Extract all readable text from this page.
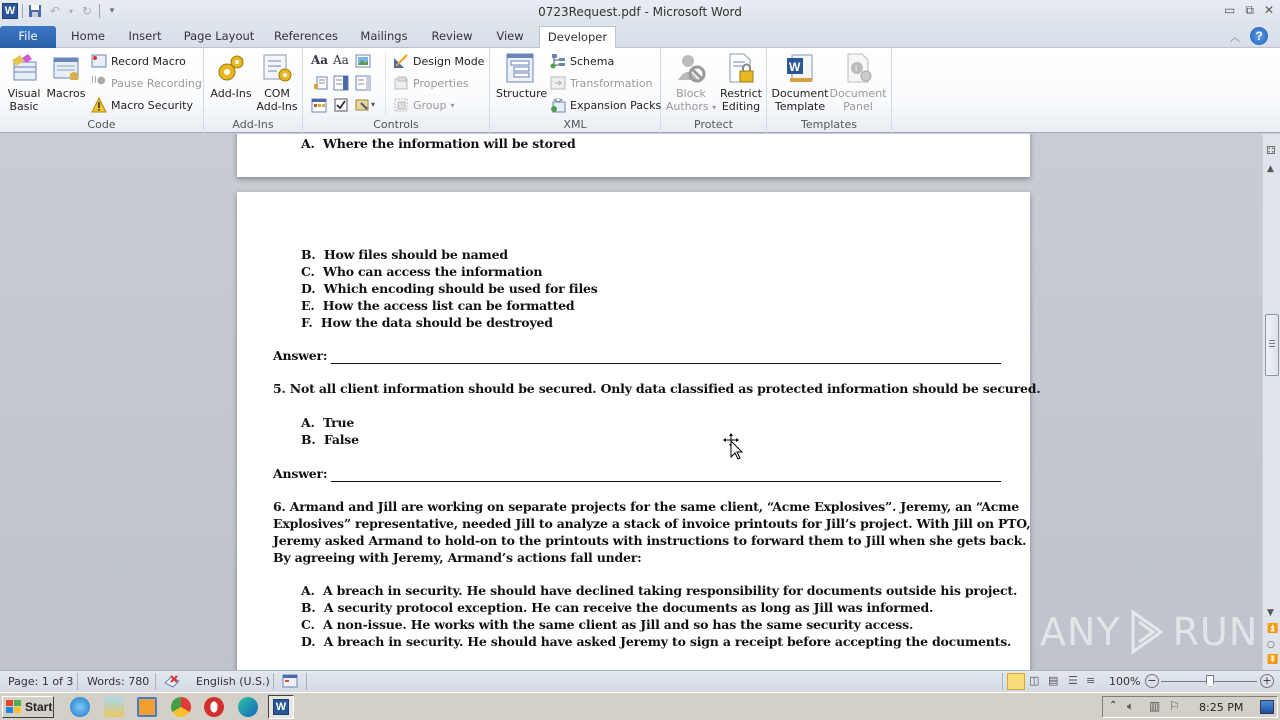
W	↶	▾ ↻	▾	0723Request.pdf - Microsoft Word	▭ ⧉ ✕
File	Home	Insert	Page Layout	References	Mailings	Review	View	Developer	︿	?
Visual
Basic
Macros
Record Macro
II● Pause Recording
Macro Security
Code
Add-Ins	COM
Add-Ins
Add-Ins
Aa Aa
▾
Design Mode
Properties
Group ▾
Controls
Structure
Schema
Transformation
<> Expansion Packs
XML
Block
Authors ▾
Restrict
Editing
Protect
W
Document
Template
i
Document
Panel
Templates
A. Where the information will be stored
B. How files should be named
C. Who can access the information
D. Which encoding should be used for files
E. How the access list can be formatted
F. How the data should be destroyed
Answer:
5. Not all client information should be secured. Only data classified as protected information should be secured.
A. True
B. False
Answer:
6. Armand and Jill are working on separate projects for the same client, “Acme Explosives”. Jeremy, an “Acme
Explosives” representative, needed Jill to analyze a stack of invoice printouts for Jill’s project. With Jill on PTO,
Jeremy asked Armand to hold-on to the printouts with instructions to forward them to Jill when she gets back.
By agreeing with Jeremy, Armand’s actions fall under:
A. A breach in security. He should have declined taking responsibility for documents outside his project.
B. A security protocol exception. He can receive the documents as long as Jill was informed.
C. A non-issue. He works with the same client as Jill and so has the same security access.
D. A breach in security. He should have asked Jeremy to sign a receipt before accepting the documents. ANY RUN
⚃
▲
▼
⏫
○
⏬
Page: 1 of 3 Words: 780	English (U.S.)	◫ ▤ ☰ ≡ 100% −	+
Start	W	⌃ 🔈︎ ▥ ⚐ 8:25 PM
